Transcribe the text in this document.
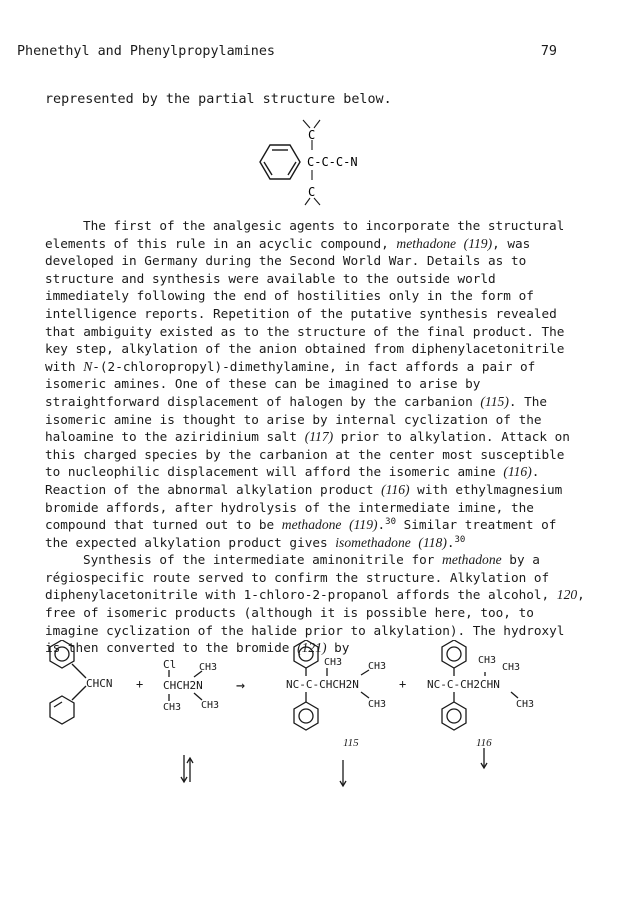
Phenethyl and Phenylpropylamines	79
represented by the partial structure below.
C
C-C-C-N
C

The first of the analgesic agents to incorporate the structural elements of this rule in an acyclic compound, methadone (119), was developed in Germany during the Second World War. Details as to structure and synthesis were available to the outside world immediately following the end of hostilities only in the form of intelligence reports. Repetition of the putative synthesis revealed that ambiguity existed as to the structure of the final product. The key step, alkylation of the anion obtained from diphenylacetonitrile with N-(2-chloropropyl)-dimethylamine, in fact affords a pair of isomeric amines. One of these can be imagined to arise by straightforward displacement of halogen by the carbanion (115). The isomeric amine is thought to arise by internal cyclization of the haloamine to the aziridinium salt (117) prior to alkylation. Attack on this charged species by the carbanion at the center most susceptible to nucleophilic displacement will afford the isomeric amine (116). Reaction of the abnormal alkylation product (116) with ethylmagnesium bromide affords, after hydrolysis of the intermediate imine, the compound that turned out to be methadone (119).$^{30}$ Similar treatment of the expected alkylation product gives isomethadone (118).$^{30}$

Synthesis of the intermediate aminonitrile for methadone by a régiospecific route served to confirm the structure. Alkylation of diphenylacetonitrile with 1-chloro-2-propanol affords the alcohol, 120, free of isomeric products (although it is possible here, too, to imagine cyclization of the halide prior to alkylation). The hydroxyl is then converted to the bromide (121) by

CHCN +
Cl CH3
CHCH2N
CH3
CH3
→
CH3	CH3
NC-C-CHCH2N
CH3
115
+
CH3
CH3
NC-C-CH2CHN
CH3
116
